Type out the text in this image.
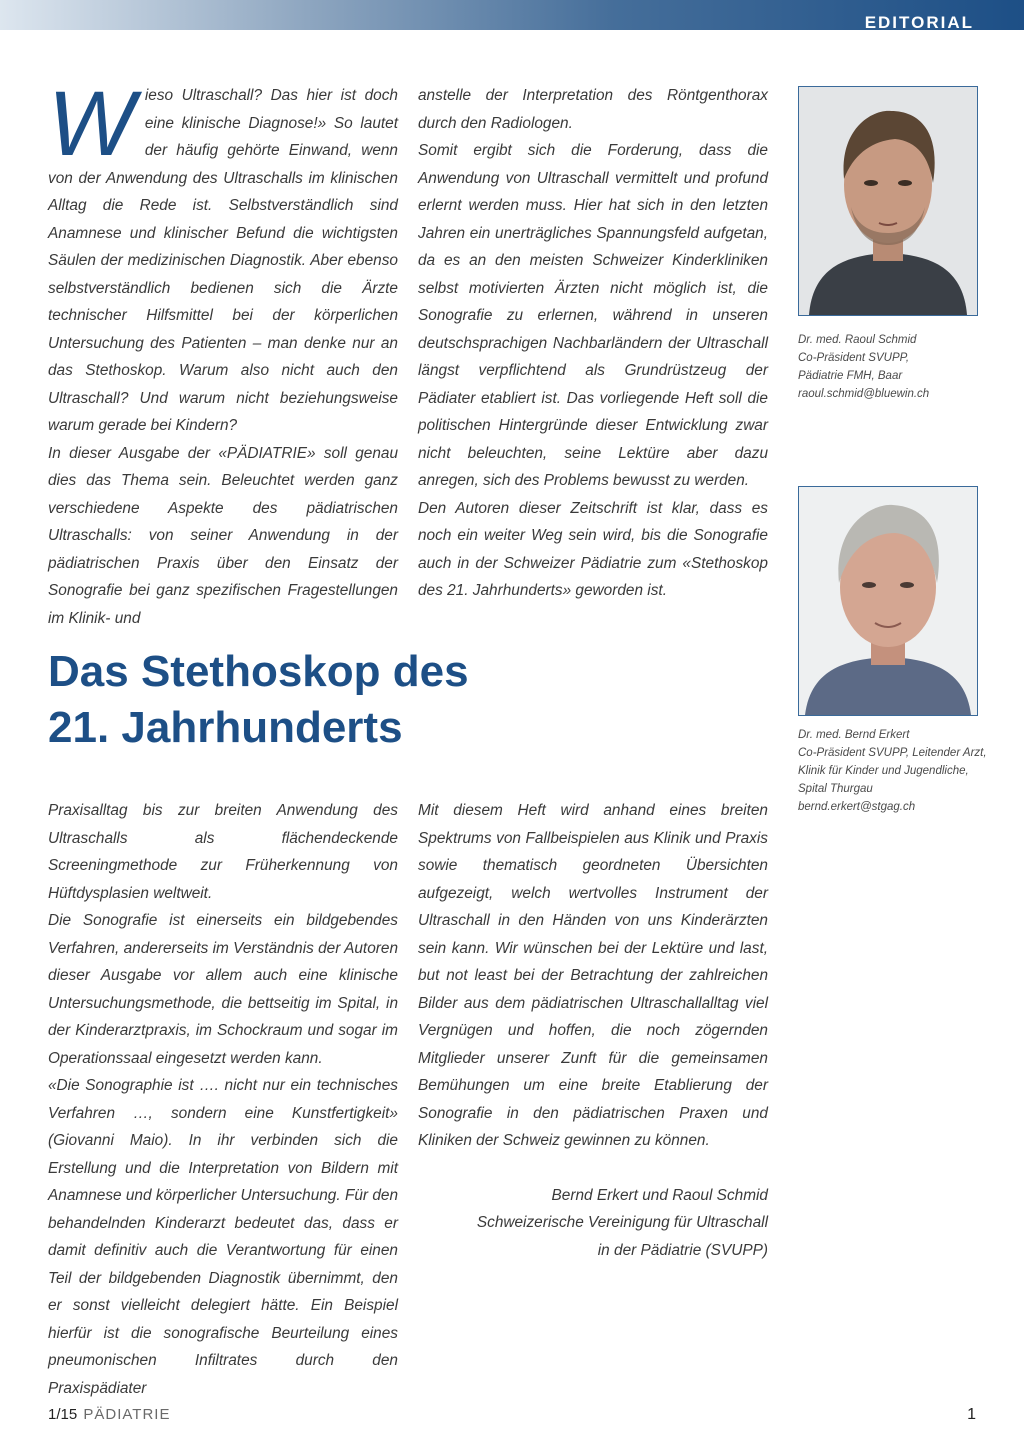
EDITORIAL

Wieso Ultraschall? Das hier ist doch eine klinische Diagnose!» So lautet der häufig gehörte Einwand, wenn von der Anwendung des Ultraschalls im klinischen Alltag die Rede ist. Selbstverständlich sind Anamnese und klinischer Befund die wichtigsten Säulen der medizinischen Diagnostik. Aber ebenso selbstverständlich bedienen sich die Ärzte technischer Hilfsmittel bei der körperlichen Untersuchung des Patienten – man denke nur an das Stethoskop. Warum also nicht auch den Ultraschall? Und warum nicht beziehungsweise warum gerade bei Kindern?

In dieser Ausgabe der «PÄDIATRIE» soll genau dies das Thema sein. Beleuchtet werden ganz verschiedene Aspekte des pädiatrischen Ultraschalls: von seiner Anwendung in der pädiatrischen Praxis über den Einsatz der Sonografie bei ganz spezifischen Fragestellungen im Klinik- und

anstelle der Interpretation des Röntgenthorax durch den Radiologen.

Somit ergibt sich die Forderung, dass die Anwendung von Ultraschall vermittelt und profund erlernt werden muss. Hier hat sich in den letzten Jahren ein unerträgliches Spannungsfeld aufgetan, da es an den meisten Schweizer Kinderkliniken selbst motivierten Ärzten nicht möglich ist, die Sonografie zu erlernen, während in unseren deutschsprachigen Nachbarländern der Ultraschall längst verpflichtend als Grundrüstzeug der Pädiater etabliert ist. Das vorliegende Heft soll die politischen Hintergründe dieser Entwicklung zwar nicht beleuchten, seine Lektüre aber dazu anregen, sich des Problems bewusst zu werden.

Den Autoren dieser Zeitschrift ist klar, dass es noch ein weiter Weg sein wird, bis die Sonografie auch in der Schweizer Pädiatrie zum «Stethoskop des 21. Jahrhunderts» geworden ist.

Das Stethoskop des
21. Jahrhunderts

Praxisalltag bis zur breiten Anwendung des Ultraschalls als flächendeckende Screeningmethode zur Früherkennung von Hüftdysplasien weltweit.

Die Sonografie ist einerseits ein bildgebendes Verfahren, andererseits im Verständnis der Autoren dieser Ausgabe vor allem auch eine klinische Untersuchungsmethode, die bettseitig im Spital, in der Kinderarztpraxis, im Schockraum und sogar im Operationssaal eingesetzt werden kann.

«Die Sonographie ist …. nicht nur ein technisches Verfahren …, sondern eine Kunstfertigkeit» (Giovanni Maio). In ihr verbinden sich die Erstellung und die Interpretation von Bildern mit Anamnese und körperlicher Untersuchung. Für den behandelnden Kinderarzt bedeutet das, dass er damit definitiv auch die Verantwortung für einen Teil der bildgebenden Diagnostik übernimmt, den er sonst vielleicht delegiert hätte. Ein Beispiel hierfür ist die sonografische Beurteilung eines pneumonischen Infiltrates durch den Praxispädiater

Mit diesem Heft wird anhand eines breiten Spektrums von Fallbeispielen aus Klinik und Praxis sowie thematisch geordneten Übersichten aufgezeigt, welch wertvolles Instrument der Ultraschall in den Händen von uns Kinderärzten sein kann. Wir wünschen bei der Lektüre und last, but not least bei der Betrachtung der zahlreichen Bilder aus dem pädiatrischen Ultraschallalltag viel Vergnügen und hoffen, die noch zögernden Mitglieder unserer Zunft für die gemeinsamen Bemühungen um eine breite Etablierung der Sonografie in den pädiatrischen Praxen und Kliniken der Schweiz gewinnen zu können.

Bernd Erkert und Raoul Schmid
Schweizerische Vereinigung für Ultraschall
in der Pädiatrie (SVUPP)
Dr. med. Raoul Schmid
Co-Präsident SVUPP,
Pädiatrie FMH, Baar
raoul.schmid@bluewin.ch
Dr. med. Bernd Erkert
Co-Präsident SVUPP, Leitender Arzt,
Klinik für Kinder und Jugendliche,
Spital Thurgau
bernd.erkert@stgag.ch
1/15 PÄDIATRIE	1
